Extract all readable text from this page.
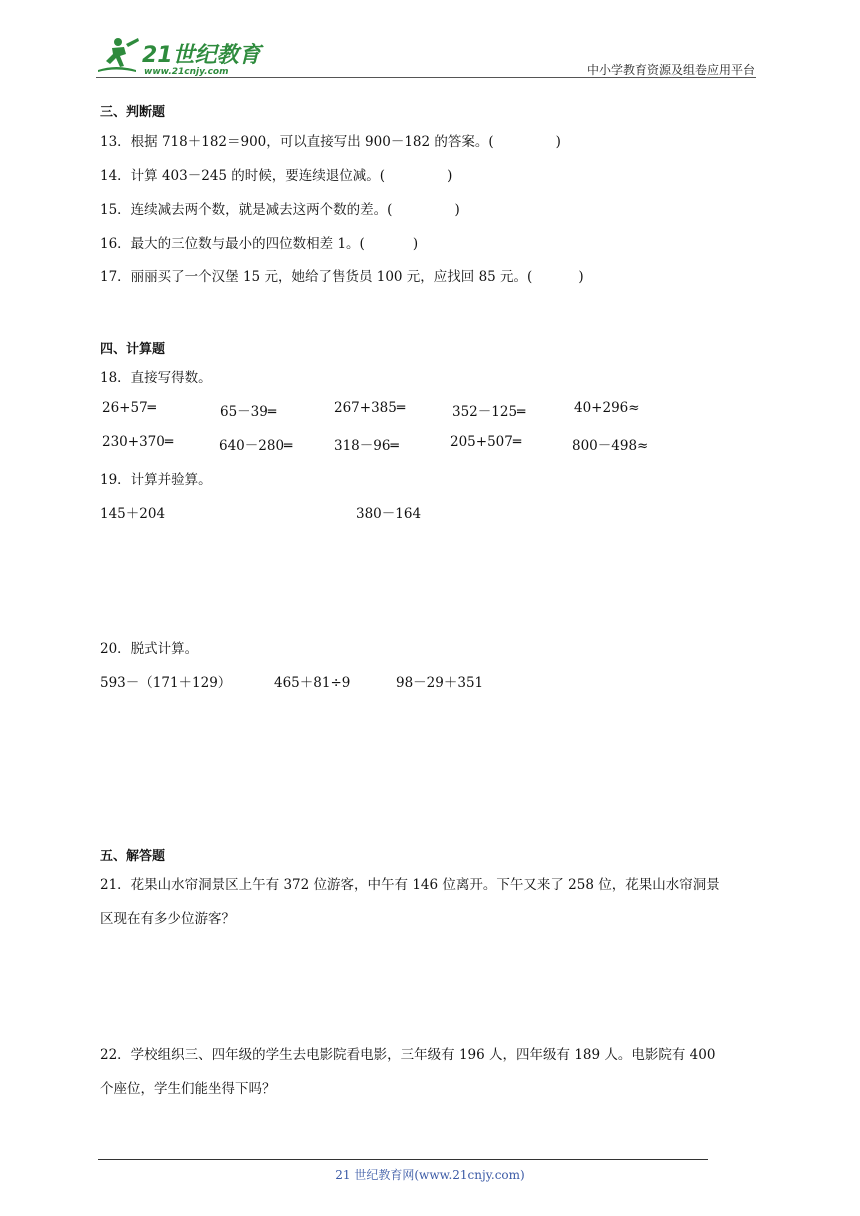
21世纪教育
www.21cnjy.com	中小学教育资源及组卷应用平台
三、判断题
13．根据 718＋182＝900，可以直接写出 900－182 的答案。(	)
14．计算 403－245 的时候，要连续退位减。(	)
15．连续减去两个数，就是减去这两个数的差。(	)
16．最大的三位数与最小的四位数相差 1。(	)
17．丽丽买了一个汉堡 15 元，她给了售货员 100 元，应找回 85 元。(	)
四、计算题
18．直接写得数。
26+57═	65－39═	267+385═	352－125═	40+296≈
230+370═	640－280═	318－96═	205+507═	800－498≈
19．计算并验算。
145＋204	380－164
20．脱式计算。
593－（171＋129）	465＋81÷9	98－29＋351
五、解答题
21．花果山水帘洞景区上午有 372 位游客，中午有 146 位离开。下午又来了 258 位，花果山水帘洞景
区现在有多少位游客？
22．学校组织三、四年级的学生去电影院看电影，三年级有 196 人，四年级有 189 人。电影院有 400
个座位，学生们能坐得下吗？
21 世纪教育网(www.21cnjy.com)
